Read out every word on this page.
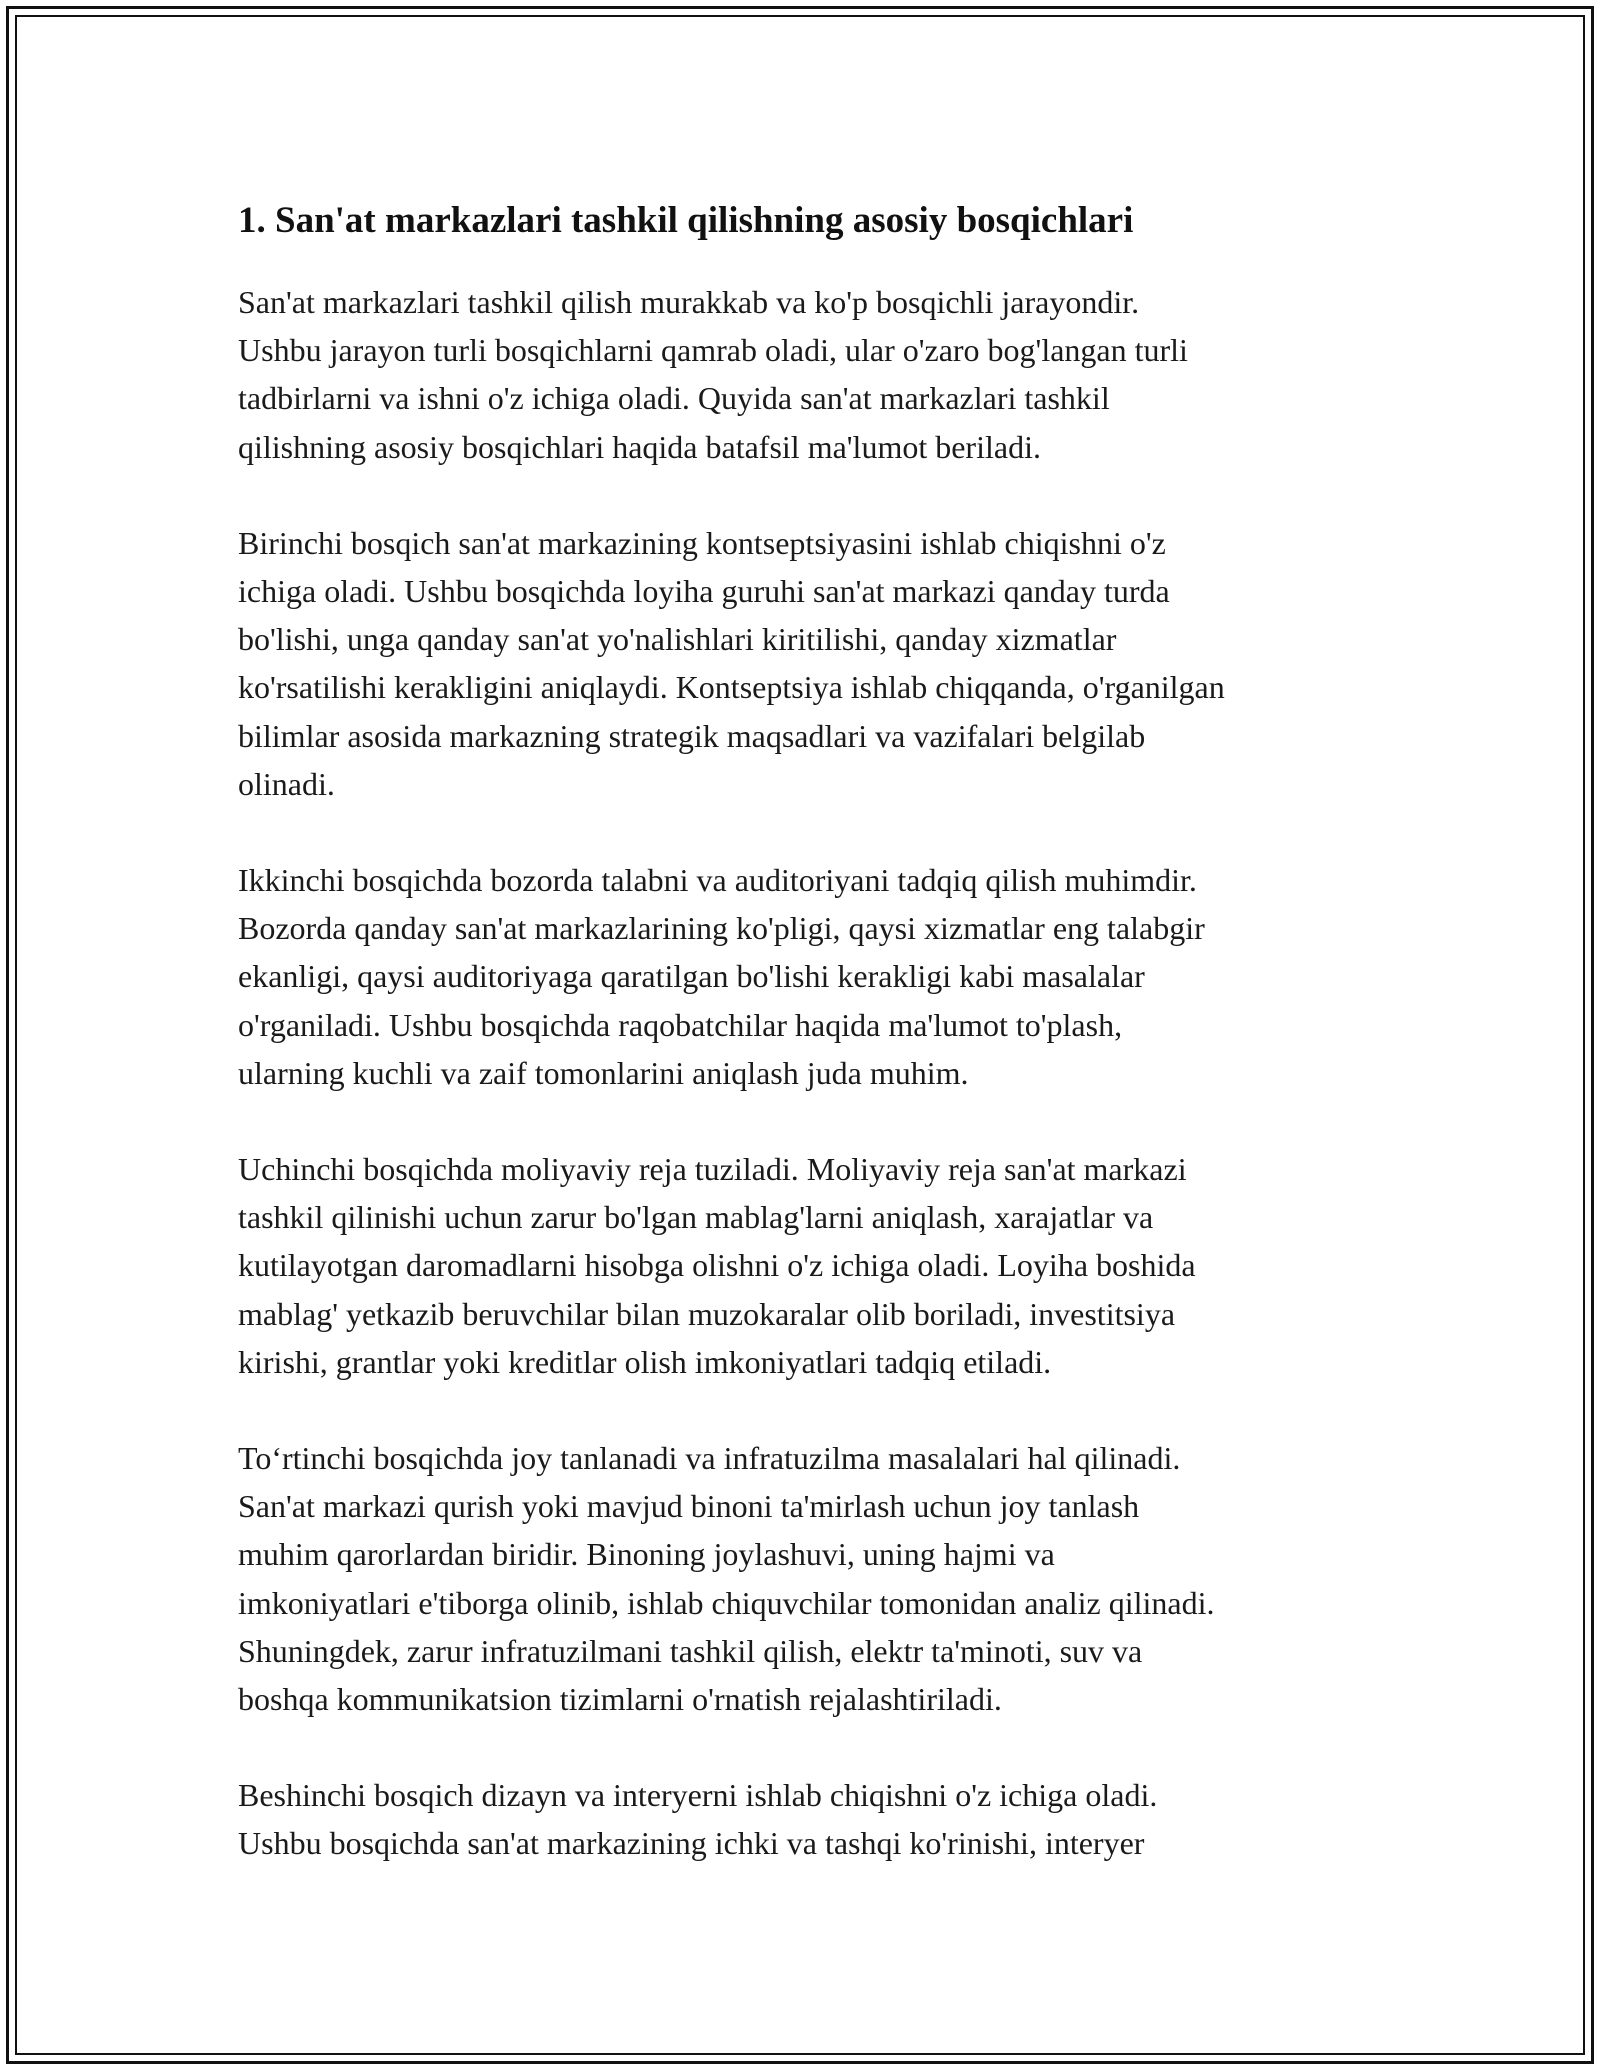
1. San'at markazlari tashkil qilishning asosiy bosqichlari

San'at markazlari tashkil qilish murakkab va ko'p bosqichli jarayondir.
Ushbu jarayon turli bosqichlarni qamrab oladi, ular o'zaro bog'langan turli
tadbirlarni va ishni o'z ichiga oladi. Quyida san'at markazlari tashkil
qilishning asosiy bosqichlari haqida batafsil ma'lumot beriladi.

Birinchi bosqich san'at markazining kontseptsiyasini ishlab chiqishni o'z
ichiga oladi. Ushbu bosqichda loyiha guruhi san'at markazi qanday turda
bo'lishi, unga qanday san'at yo'nalishlari kiritilishi, qanday xizmatlar
ko'rsatilishi kerakligini aniqlaydi. Kontseptsiya ishlab chiqqanda, o'rganilgan
bilimlar asosida markazning strategik maqsadlari va vazifalari belgilab
olinadi.

Ikkinchi bosqichda bozorda talabni va auditoriyani tadqiq qilish muhimdir.
Bozorda qanday san'at markazlarining ko'pligi, qaysi xizmatlar eng talabgir
ekanligi, qaysi auditoriyaga qaratilgan bo'lishi kerakligi kabi masalalar
o'rganiladi. Ushbu bosqichda raqobatchilar haqida ma'lumot to'plash,
ularning kuchli va zaif tomonlarini aniqlash juda muhim.

Uchinchi bosqichda moliyaviy reja tuziladi. Moliyaviy reja san'at markazi
tashkil qilinishi uchun zarur bo'lgan mablag'larni aniqlash, xarajatlar va
kutilayotgan daromadlarni hisobga olishni o'z ichiga oladi. Loyiha boshida
mablag' yetkazib beruvchilar bilan muzokaralar olib boriladi, investitsiya
kirishi, grantlar yoki kreditlar olish imkoniyatlari tadqiq etiladi.

To‘rtinchi bosqichda joy tanlanadi va infratuzilma masalalari hal qilinadi.
San'at markazi qurish yoki mavjud binoni ta'mirlash uchun joy tanlash
muhim qarorlardan biridir. Binoning joylashuvi, uning hajmi va
imkoniyatlari e'tiborga olinib, ishlab chiquvchilar tomonidan analiz qilinadi.
Shuningdek, zarur infratuzilmani tashkil qilish, elektr ta'minoti, suv va
boshqa kommunikatsion tizimlarni o'rnatish rejalashtiriladi.

Beshinchi bosqich dizayn va interyerni ishlab chiqishni o'z ichiga oladi.
Ushbu bosqichda san'at markazining ichki va tashqi ko'rinishi, interyer
